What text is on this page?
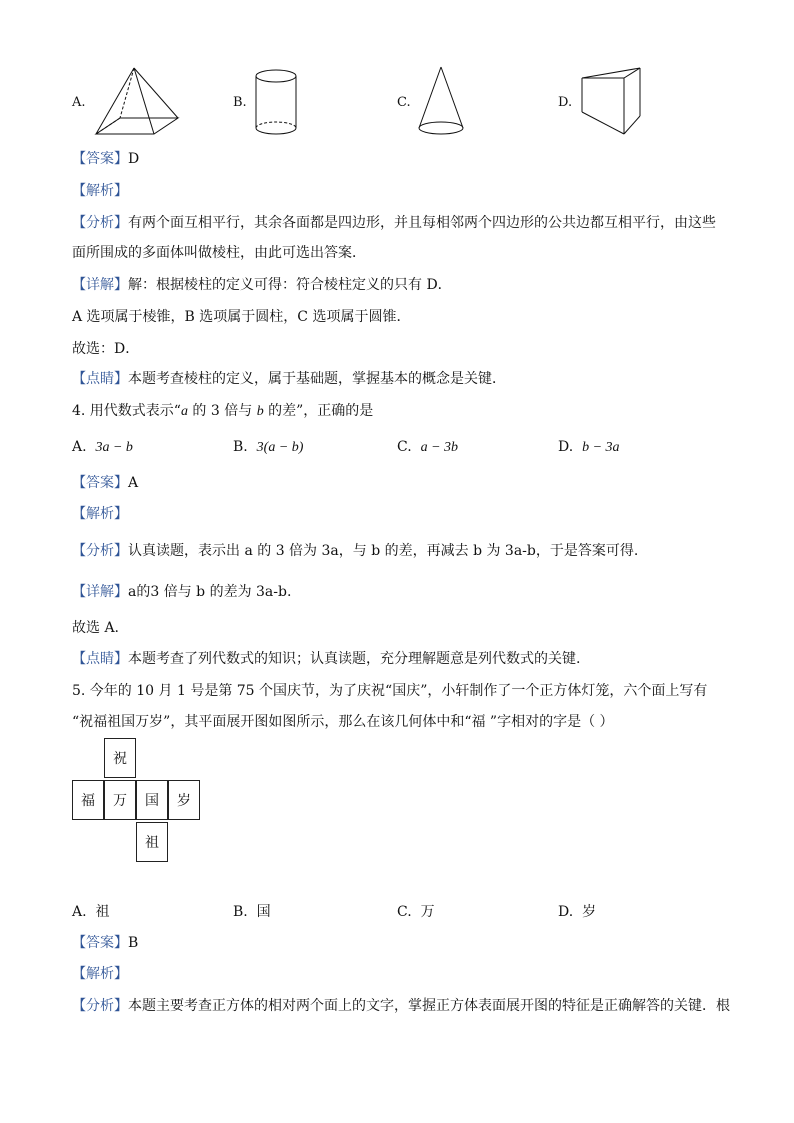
A.	B.	C.	D.
【答案】D
【解析】
【分析】有两个面互相平行，其余各面都是四边形，并且每相邻两个四边形的公共边都互相平行，由这些
面所围成的多面体叫做棱柱，由此可选出答案．
【详解】解：根据棱柱的定义可得：符合棱柱定义的只有 D．
A 选项属于棱锥，B 选项属于圆柱，C 选项属于圆锥．
故选：D．
【点睛】本题考查棱柱的定义，属于基础题，掌握基本的概念是关键．
4. 用代数式表示“a 的 3 倍与 b 的差”，正确的是
A. 3a − b	B. 3(a − b)	C. a − 3b	D. b − 3a
【答案】A
【解析】
【分析】认真读题，表示出 a 的 3 倍为 3a，与 b 的差，再减去 b 为 3a-b，于是答案可得.
【详解】a的3 倍与 b 的差为 3a-b.
故选 A.
【点睛】本题考查了列代数式的知识；认真读题，充分理解题意是列代数式的关键.
5. 今年的 10 月 1 号是第 75 个国庆节，为了庆祝“国庆”，小轩制作了一个正方体灯笼，六个面上写有
“祝福祖国万岁”，其平面展开图如图所示，那么在该几何体中和“福 ”字相对的字是（ ）
祝
福	万	国	岁
祖
A. 祖	B. 国	C. 万	D. 岁
【答案】B
【解析】
【分析】本题主要考查正方体的相对两个面上的文字，掌握正方体表面展开图的特征是正确解答的关键．根
